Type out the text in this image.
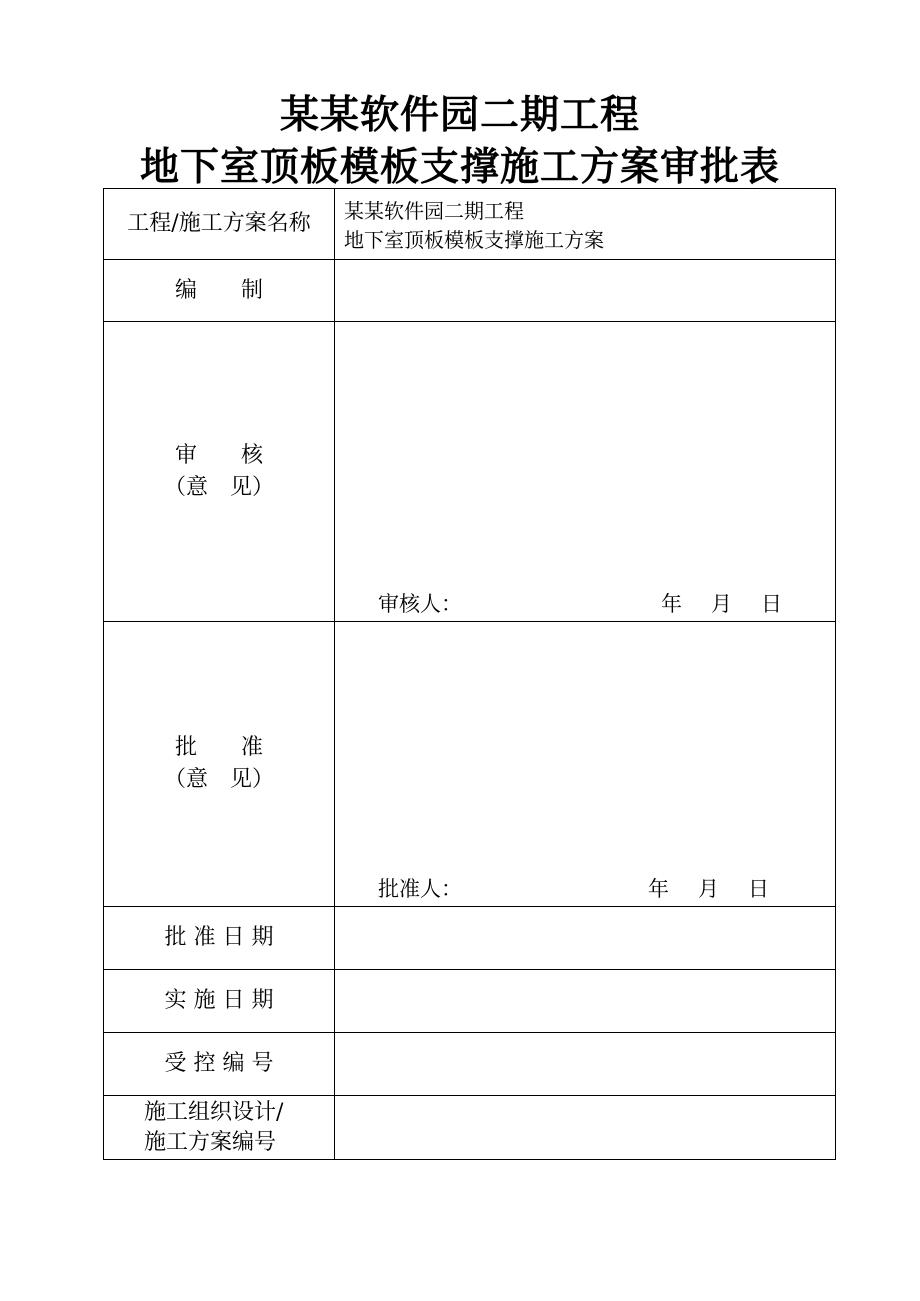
某某软件园二期工程
地下室顶板模板支撑施工方案审批表
工程/施工方案名称 某某软件园二期工程
地下室顶板模板支撑施工方案
编　　制
审　　核
（意　见）
审核人：	年 月 日
批　　准
（意　见）
批准人：	年 月 日
批 准 日 期
实 施 日 期
受 控 编 号
施工组织设计/
施工方案编号
